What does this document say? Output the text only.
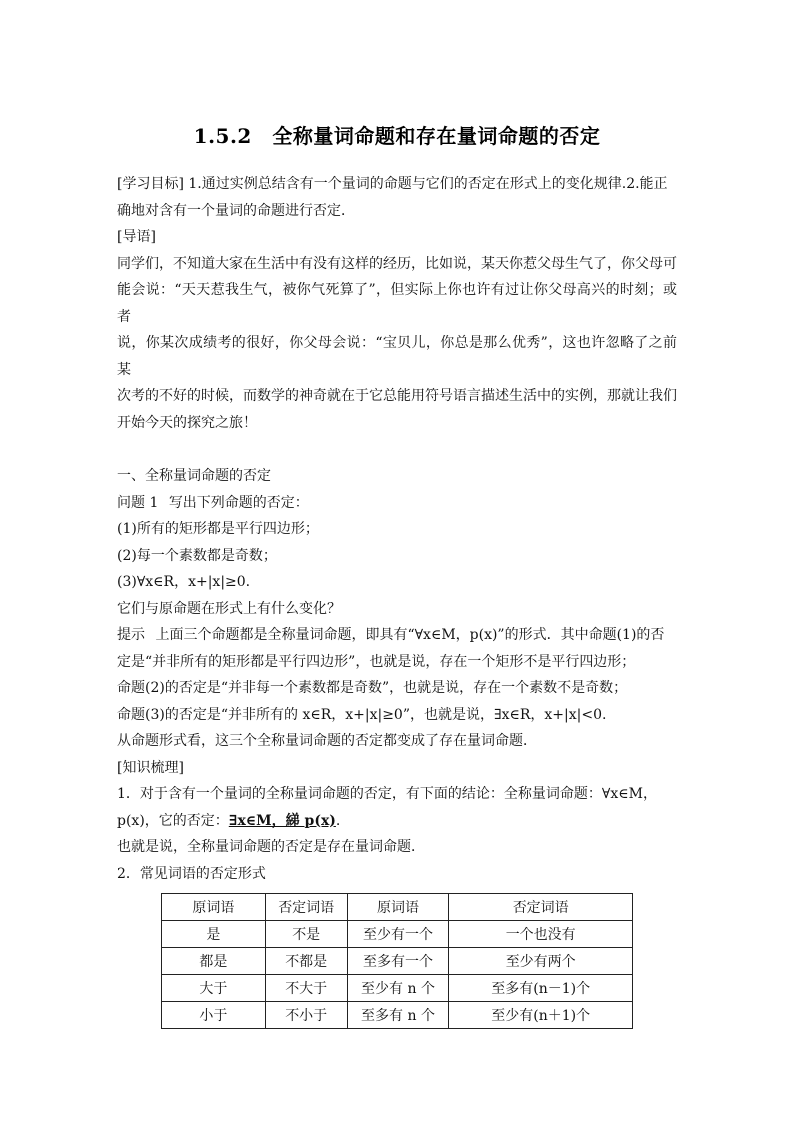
1.5.2　全称量词命题和存在量词命题的否定

[学习目标] 1.通过实例总结含有一个量词的命题与它们的否定在形式上的变化规律.2.能正

确地对含有一个量词的命题进行否定．

[导语]

同学们，不知道大家在生活中有没有这样的经历，比如说，某天你惹父母生气了，你父母可

能会说：“天天惹我生气，被你气死算了”，但实际上你也许有过让你父母高兴的时刻；或者

说，你某次成绩考的很好，你父母会说：“宝贝儿，你总是那么优秀”，这也许忽略了之前某

次考的不好的时候，而数学的神奇就在于它总能用符号语言描述生活中的实例，那就让我们

开始今天的探究之旅！

一、全称量词命题的否定

问题 1 写出下列命题的否定：

(1)所有的矩形都是平行四边形；

(2)每一个素数都是奇数；

(3)∀x∈R，x+|x|≥0.

它们与原命题在形式上有什么变化？

提示 上面三个命题都是全称量词命题，即具有“∀x∈M，p(x)”的形式．其中命题(1)的否

定是“并非所有的矩形都是平行四边形”，也就是说，存在一个矩形不是平行四边形；

命题(2)的否定是“并非每一个素数都是奇数”，也就是说，存在一个素数不是奇数；

命题(3)的否定是“并非所有的 x∈R，x+|x|≥0”，也就是说，∃x∈R，x+|x|<0.

从命题形式看，这三个全称量词命题的否定都变成了存在量词命题．

[知识梳理]

1．对于含有一个量词的全称量词命题的否定，有下面的结论：全称量词命题：∀x∈M，

p(x)，它的否定：∃x∈M，綈 p(x).

也就是说，全称量词命题的否定是存在量词命题．

2．常见词语的否定形式

原词语	否定词语	原词语	否定词语
是	不是	至少有一个	一个也没有
都是	不都是	至多有一个	至少有两个
大于	不大于	至少有 n 个	至多有(n－1)个
小于	不小于	至多有 n 个	至少有(n＋1)个
